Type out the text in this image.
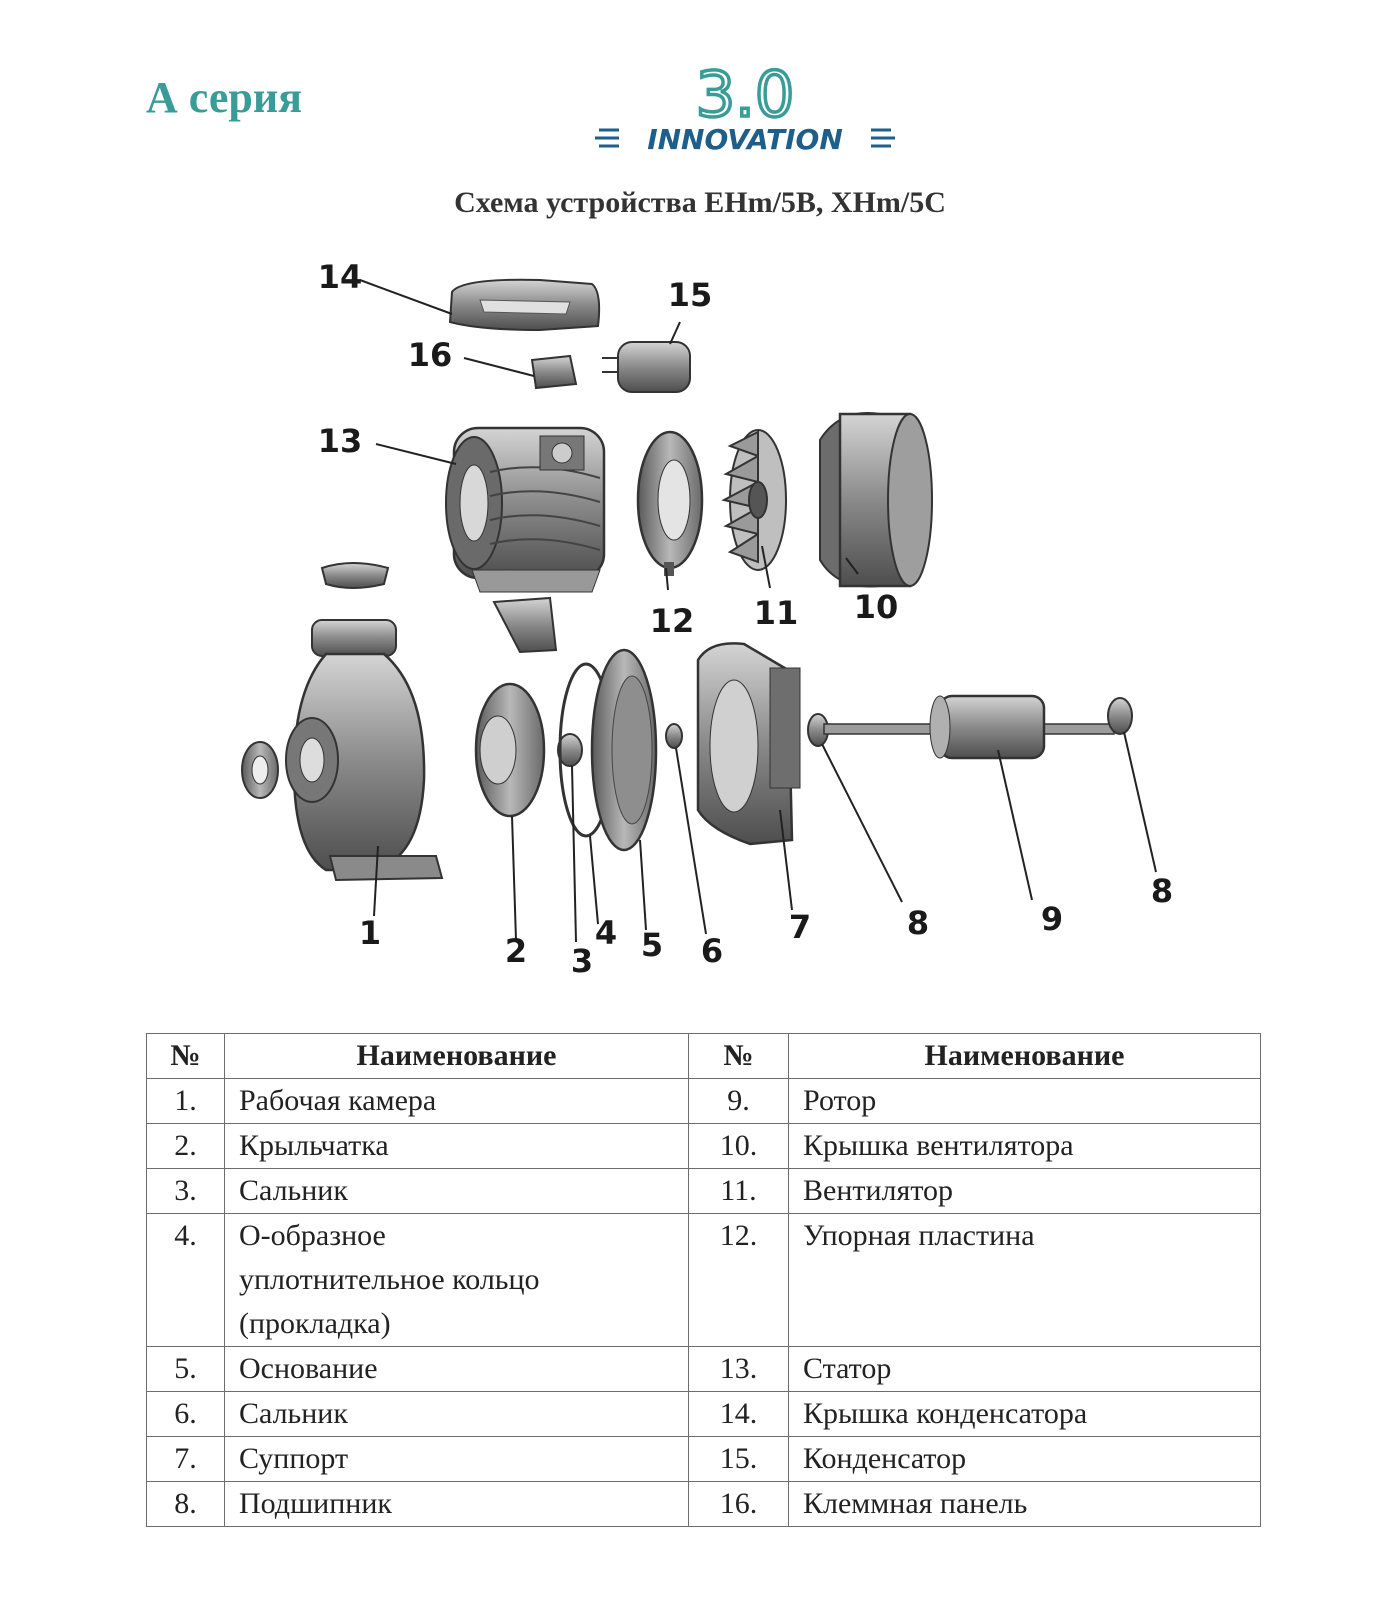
А серия	3.0
INNOVATION
Схема устройства EHm/5B, XHm/5C
1	2 3
4 5 6
7	8	9
8
10
11
12
13
14	15
16
№	Наименование	№	Наименование
1.	Рабочая камера	9.	Ротор
2.	Крыльчатка	10.	Крышка вентилятора
3.	Сальник	11.	Вентилятор
4.	О-образное
уплотнительное кольцо
(прокладка)	12.	Упорная пластина
5.	Основание	13.	Статор
6.	Сальник	14.	Крышка конденсатора
7.	Суппорт	15.	Конденсатор
8.	Подшипник	16.	Клеммная панель
